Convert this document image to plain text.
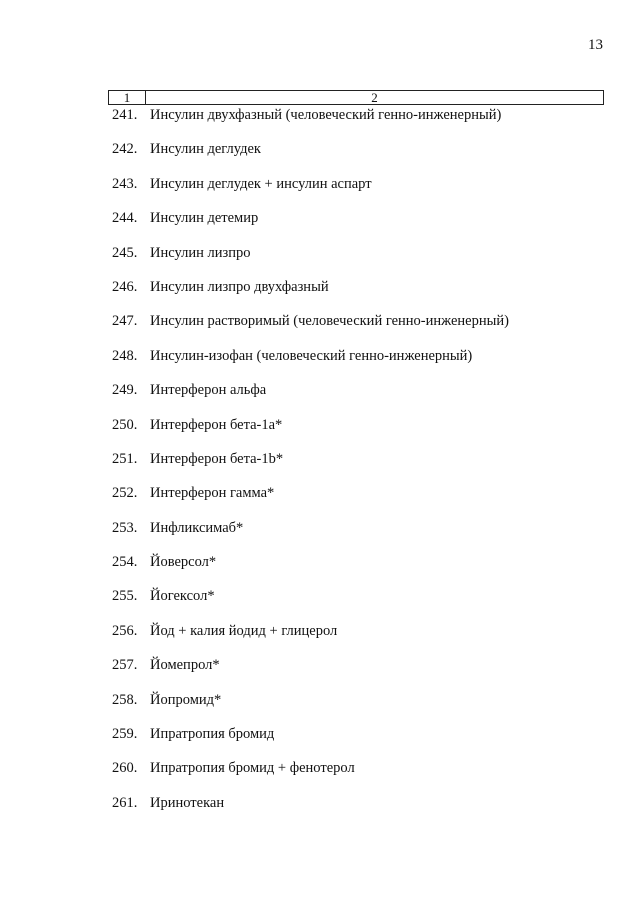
13
1	2
241. Инсулин двухфазный (человеческий генно-инженерный)
242. Инсулин деглудек
243. Инсулин деглудек + инсулин аспарт
244. Инсулин детемир
245. Инсулин лизпро
246. Инсулин лизпро двухфазный
247. Инсулин растворимый (человеческий генно-инженерный)
248. Инсулин-изофан (человеческий генно-инженерный)
249. Интерферон альфа
250. Интерферон бета-1а*
251. Интерферон бета-1b*
252. Интерферон гамма*
253. Инфликсимаб*
254. Йоверсол*
255. Йогексол*
256. Йод + калия йодид + глицерол
257. Йомепрол*
258. Йопромид*
259. Ипратропия бромид
260. Ипратропия бромид + фенотерол
261. Иринотекан
